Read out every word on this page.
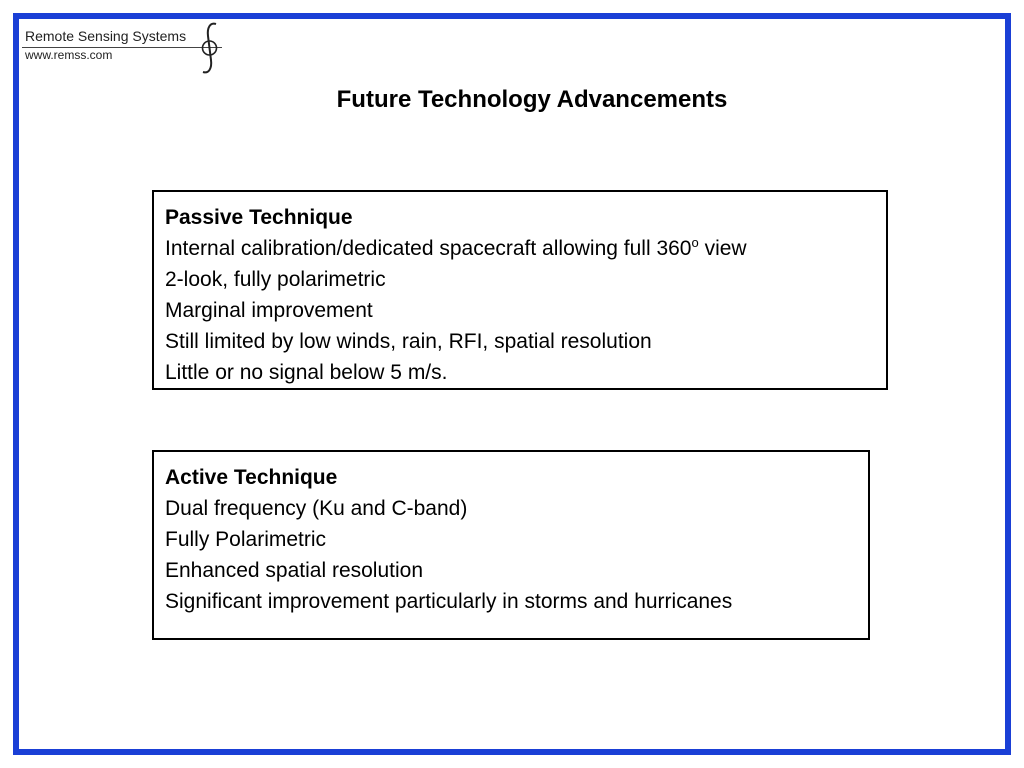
Remote Sensing Systems
www.remss.com
Future Technology Advancements
Passive Technique
Internal calibration/dedicated spacecraft allowing full 360$^o$ view
2-look, fully polarimetric
Marginal improvement
Still limited by low winds, rain, RFI, spatial resolution
Little or no signal below 5 m/s.
Active Technique
Dual frequency (Ku and C-band)
Fully Polarimetric
Enhanced spatial resolution
Significant improvement particularly in storms and hurricanes
